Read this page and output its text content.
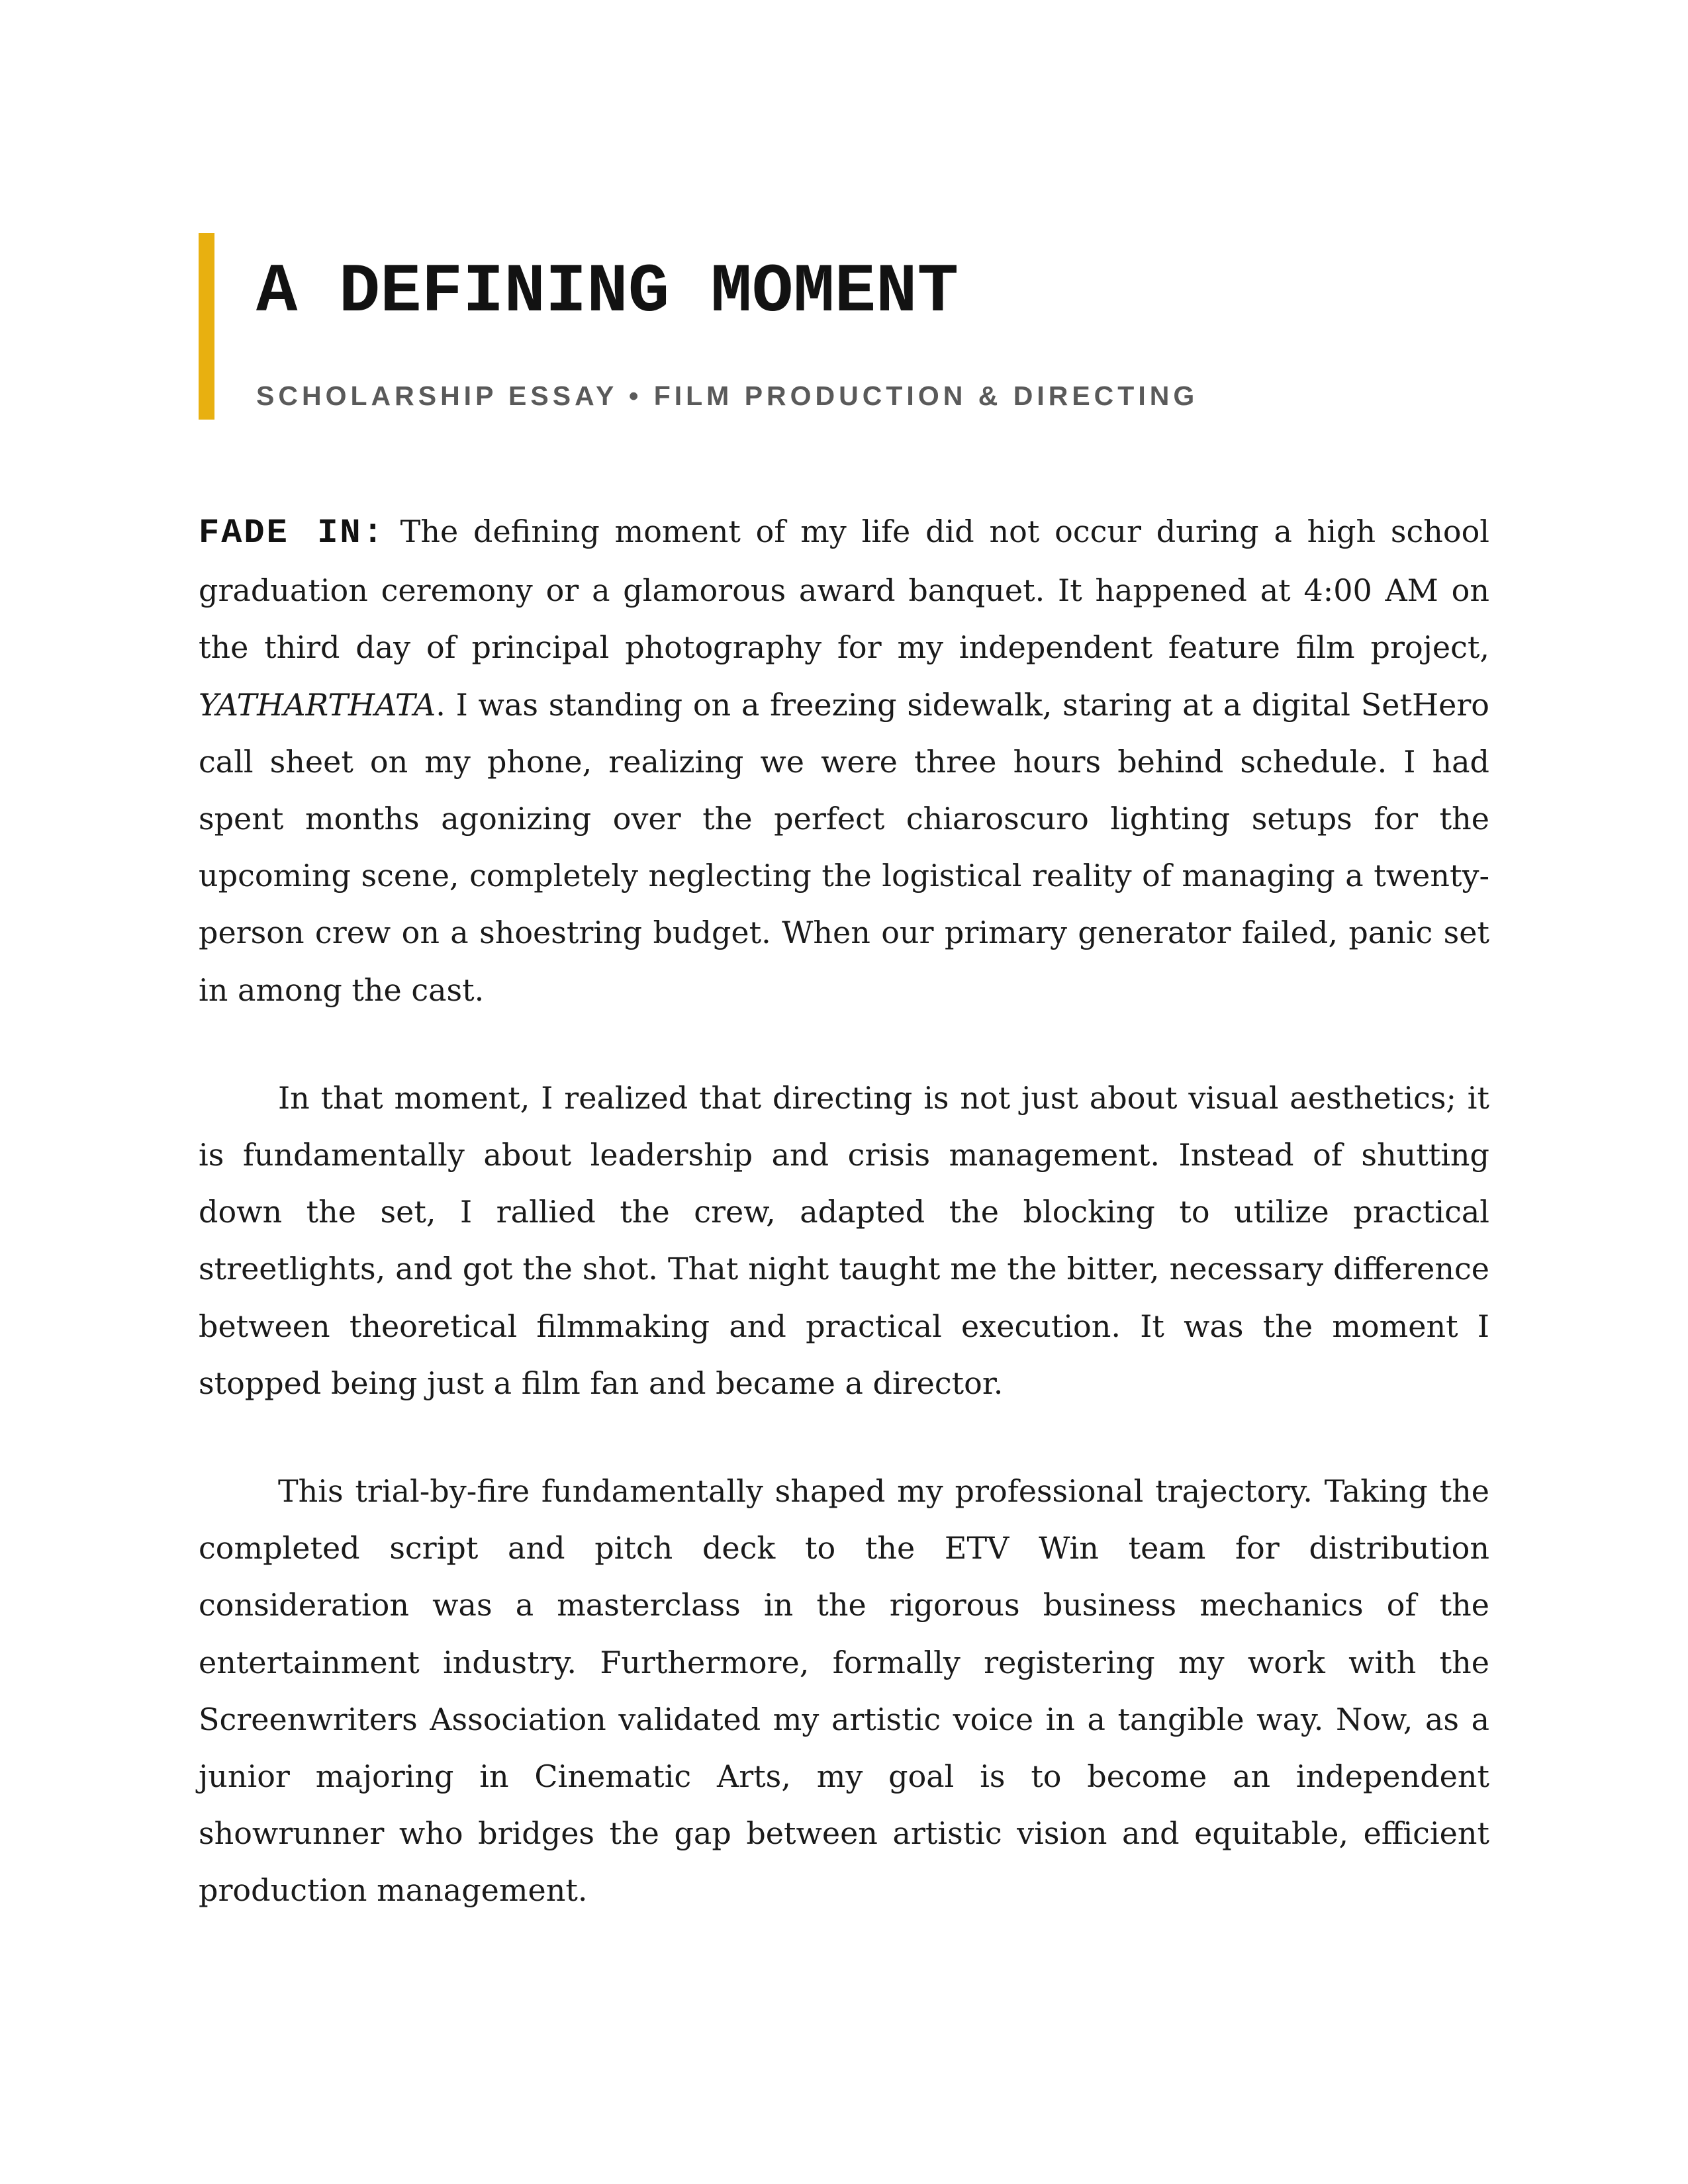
A DEFINING MOMENT
SCHOLARSHIP ESSAY • FILM PRODUCTION & DIRECTING

FADE IN: The defining moment of my life did not occur during a high school graduation ceremony or a glamorous award banquet. It happened at 4:00 AM on the third day of principal photography for my independent feature film project, YATHARTHATA. I was standing on a freezing sidewalk, staring at a digital SetHero call sheet on my phone, realizing we were three hours behind schedule. I had spent months agonizing over the perfect chiaroscuro lighting setups for the upcoming scene, completely neglecting the logistical reality of managing a twenty-person crew on a shoestring budget. When our primary generator failed, panic set in among the cast.

In that moment, I realized that directing is not just about visual aesthetics; it is fundamentally about leadership and crisis management. Instead of shutting down the set, I rallied the crew, adapted the blocking to utilize practical streetlights, and got the shot. That night taught me the bitter, necessary difference between theoretical filmmaking and practical execution. It was the moment I stopped being just a film fan and became a director.

This trial-by-fire fundamentally shaped my professional trajectory. Taking the completed script and pitch deck to the ETV Win team for distribution consideration was a masterclass in the rigorous business mechanics of the entertainment industry. Furthermore, formally registering my work with the Screenwriters Association validated my artistic voice in a tangible way. Now, as a junior majoring in Cinematic Arts, my goal is to become an independent showrunner who bridges the gap between artistic vision and equitable, efficient production management.
